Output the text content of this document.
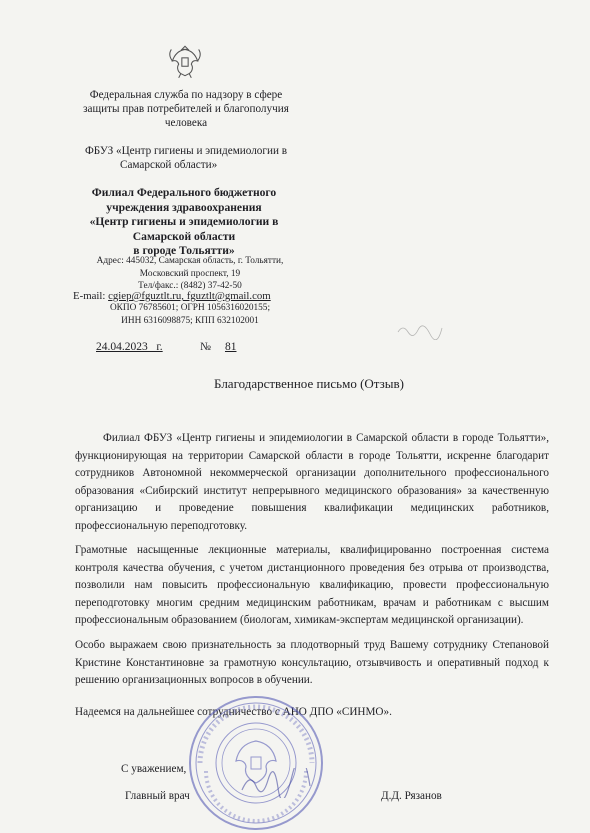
Федеральная служба по надзору в сфере
защиты прав потребителей и благополучия
человека
ФБУЗ «Центр гигиены и эпидемиологии в
Самарской области»
Филиал Федерального бюджетного
учреждения здравоохранения
«Центр гигиены и эпидемиологии в
Самарской области
в городе Тольятти»
Адрес: 445032, Самарская область, г. Тольятти,
Московский проспект, 19
Тел/факс.: (8482) 37-42-50
E-mail: cgiep@fguztlt.ru, fguztlt@gmail.com
ОКПО 76785601; ОГРН 1056316020155;
ИНН 6316098875; КПП 632102001
24.04.2023   г.	№ 81
Благодарственное письмо (Отзыв)
Филиал ФБУЗ «Центр гигиены и эпидемиологии в Самарской области в городе Тольятти», функционирующая на территории Самарской области в городе Тольятти, искренне благодарит сотрудников Автономной некоммерческой организации дополнительного профессионального образования «Сибирский институт непрерывного медицинского образования» за качественную организацию и проведение повышения квалификации медицинских работников, профессиональную переподготовку.
Грамотные насыщенные лекционные материалы, квалифицированно построенная система контроля качества обучения, с учетом дистанционного проведения без отрыва от производства, позволили нам повысить профессиональную квалификацию, провести профессиональную переподготовку многим средним медицинским работникам, врачам и работникам с высшим профессиональным образованием (биологам, химикам-экспертам медицинской организации).
Особо выражаем свою признательность за плодотворный труд Вашему сотруднику Степановой Кристине Константиновне за грамотную консультацию, отзывчивость и оперативный подход к решению организационных вопросов в обучении.
Надеемся на дальнейшее сотрудничество с АНО ДПО «СИНМО».
С уважением,
Главный врач	Д.Д. Рязанов
